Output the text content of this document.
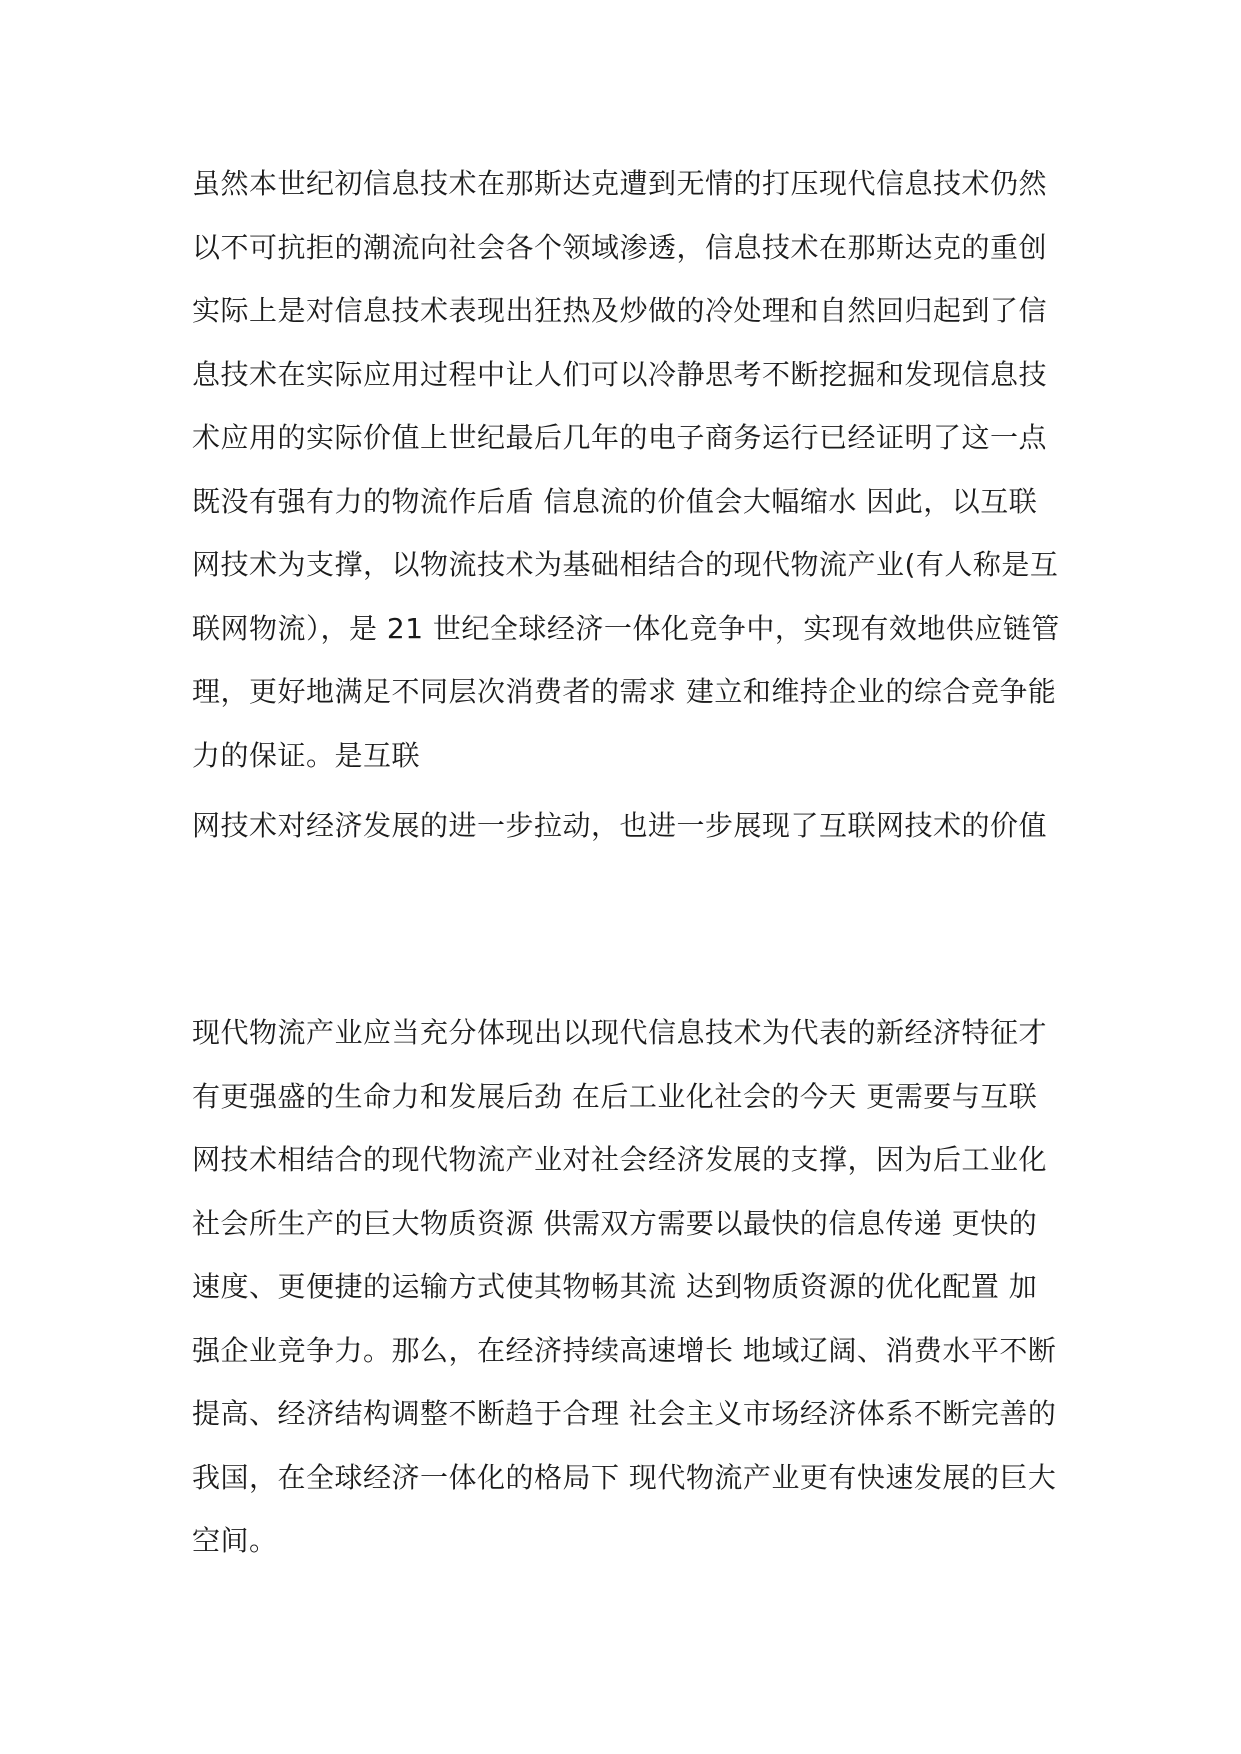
虽然本世纪初信息技术在那斯达克遭到无情的打压现代信息技术仍然
以不可抗拒的潮流向社会各个领域渗透，信息技术在那斯达克的重创
实际上是对信息技术表现出狂热及炒做的冷处理和自然回归起到了信
息技术在实际应用过程中让人们可以冷静思考不断挖掘和发现信息技
术应用的实际价值上世纪最后几年的电子商务运行已经证明了这一点
既没有强有力的物流作后盾 信息流的价值会大幅缩水 因此，以互联
网技术为支撑，以物流技术为基础相结合的现代物流产业(有人称是互
联网物流），是 21 世纪全球经济一体化竞争中，实现有效地供应链管
理，更好地满足不同层次消费者的需求 建立和维持企业的综合竞争能
力的保证。是互联
网技术对经济发展的进一步拉动，也进一步展现了互联网技术的价值
现代物流产业应当充分体现出以现代信息技术为代表的新经济特征才
有更强盛的生命力和发展后劲 在后工业化社会的今天 更需要与互联
网技术相结合的现代物流产业对社会经济发展的支撑，因为后工业化
社会所生产的巨大物质资源 供需双方需要以最快的信息传递 更快的
速度、更便捷的运输方式使其物畅其流 达到物质资源的优化配置 加
强企业竞争力。那么，在经济持续高速增长 地域辽阔、消费水平不断
提高、经济结构调整不断趋于合理 社会主义市场经济体系不断完善的
我国，在全球经济一体化的格局下 现代物流产业更有快速发展的巨大
空间。
